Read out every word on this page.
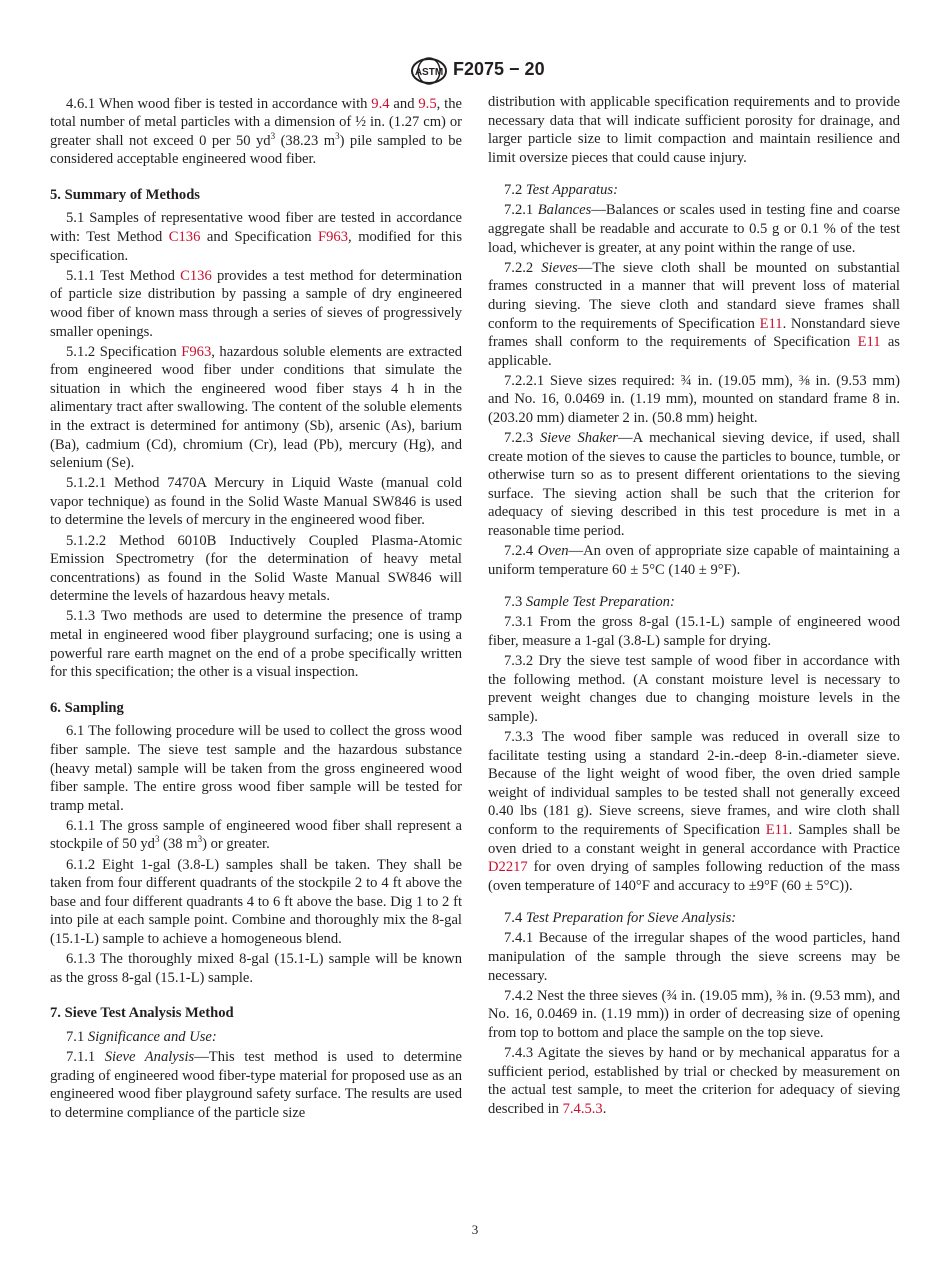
ASTM F2075 − 20

4.6.1 When wood fiber is tested in accordance with 9.4 and 9.5, the total number of metal particles with a dimension of ½ in. (1.27 cm) or greater shall not exceed 0 per 50 $yd^3$ (38.23 $m^3$) pile sampled to be considered acceptable engineered wood fiber.

5. Summary of Methods

5.1 Samples of representative wood fiber are tested in accordance with: Test Method C136 and Specification F963, modified for this specification.

5.1.1 Test Method C136 provides a test method for determination of particle size distribution by passing a sample of dry engineered wood fiber of known mass through a series of sieves of progressively smaller openings.

5.1.2 Specification F963, hazardous soluble elements are extracted from engineered wood fiber under conditions that simulate the situation in which the engineered wood fiber stays 4 h in the alimentary tract after swallowing. The content of the soluble elements in the extract is determined for antimony (Sb), arsenic (As), barium (Ba), cadmium (Cd), chromium (Cr), lead (Pb), mercury (Hg), and selenium (Se).

5.1.2.1 Method 7470A Mercury in Liquid Waste (manual cold vapor technique) as found in the Solid Waste Manual SW846 is used to determine the levels of mercury in the engineered wood fiber.

5.1.2.2 Method 6010B Inductively Coupled Plasma-Atomic Emission Spectrometry (for the determination of heavy metal concentrations) as found in the Solid Waste Manual SW846 will determine the levels of hazardous heavy metals.

5.1.3 Two methods are used to determine the presence of tramp metal in engineered wood fiber playground surfacing; one is using a powerful rare earth magnet on the end of a probe specifically written for this specification; the other is a visual inspection.

6. Sampling

6.1 The following procedure will be used to collect the gross wood fiber sample. The sieve test sample and the hazardous substance (heavy metal) sample will be taken from the gross engineered wood fiber sample. The entire gross wood fiber sample will be tested for tramp metal.

6.1.1 The gross sample of engineered wood fiber shall represent a stockpile of 50 $yd^3$ (38 $m^3$) or greater.

6.1.2 Eight 1-gal (3.8-L) samples shall be taken. They shall be taken from four different quadrants of the stockpile 2 to 4 ft above the base and four different quadrants 4 to 6 ft above the base. Dig 1 to 2 ft into pile at each sample point. Combine and thoroughly mix the 8-gal (15.1-L) sample to achieve a homogeneous blend.

6.1.3 The thoroughly mixed 8-gal (15.1-L) sample will be known as the gross 8-gal (15.1-L) sample.

7. Sieve Test Analysis Method
7.1 Significance and Use:

7.1.1 Sieve Analysis—This test method is used to determine grading of engineered wood fiber-type material for proposed use as an engineered wood fiber playground safety surface. The results are used to determine compliance of the particle size

distribution with applicable specification requirements and to provide necessary data that will indicate sufficient porosity for drainage, and larger particle size to limit compaction and maintain resilience and limit oversize pieces that could cause injury.

7.2 Test Apparatus:

7.2.1 Balances—Balances or scales used in testing fine and coarse aggregate shall be readable and accurate to 0.5 g or 0.1 % of the test load, whichever is greater, at any point within the range of use.

7.2.2 Sieves—The sieve cloth shall be mounted on substantial frames constructed in a manner that will prevent loss of material during sieving. The sieve cloth and standard sieve frames shall conform to the requirements of Specification E11. Nonstandard sieve frames shall conform to the requirements of Specification E11 as applicable.

7.2.2.1 Sieve sizes required: ¾ in. (19.05 mm), ⅜ in. (9.53 mm) and No. 16, 0.0469 in. (1.19 mm), mounted on standard frame 8 in. (203.20 mm) diameter 2 in. (50.8 mm) height.

7.2.3 Sieve Shaker—A mechanical sieving device, if used, shall create motion of the sieves to cause the particles to bounce, tumble, or otherwise turn so as to present different orientations to the sieving surface. The sieving action shall be such that the criterion for adequacy of sieving described in this test procedure is met in a reasonable time period.

7.2.4 Oven—An oven of appropriate size capable of maintaining a uniform temperature 60 ± 5°C (140 ± 9°F).

7.3 Sample Test Preparation:

7.3.1 From the gross 8-gal (15.1-L) sample of engineered wood fiber, measure a 1-gal (3.8-L) sample for drying.

7.3.2 Dry the sieve test sample of wood fiber in accordance with the following method. (A constant moisture level is necessary to prevent weight changes due to changing moisture levels in the sample).

7.3.3 The wood fiber sample was reduced in overall size to facilitate testing using a standard 2-in.-deep 8-in.-diameter sieve. Because of the light weight of wood fiber, the oven dried sample weight of individual samples to be tested shall not generally exceed 0.40 lbs (181 g). Sieve screens, sieve frames, and wire cloth shall conform to the requirements of Specification E11. Samples shall be oven dried to a constant weight in general accordance with Practice D2217 for oven drying of samples following reduction of the mass (oven temperature of 140°F and accuracy to ±9°F (60 ± 5°C)).

7.4 Test Preparation for Sieve Analysis:

7.4.1 Because of the irregular shapes of the wood particles, hand manipulation of the sample through the sieve screens may be necessary.

7.4.2 Nest the three sieves (¾ in. (19.05 mm), ⅜ in. (9.53 mm), and No. 16, 0.0469 in. (1.19 mm)) in order of decreasing size of opening from top to bottom and place the sample on the top sieve.

7.4.3 Agitate the sieves by hand or by mechanical apparatus for a sufficient period, established by trial or checked by measurement on the actual test sample, to meet the criterion for adequacy of sieving described in 7.4.5.3.

3
